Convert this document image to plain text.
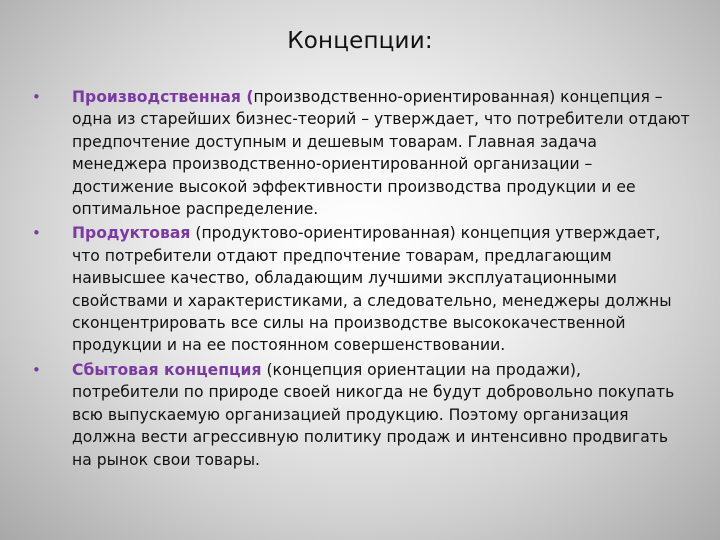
Концепции:
• Производственная (производственно-ориентированная) концепция – одна из старейших бизнес-теорий – утверждает, что потребители отдают предпочтение доступным и дешевым товарам. Главная задача менеджера производственно-ориентированной организации – достижение высокой эффективности производства продукции и ее оптимальное распределение.
• Продуктовая (продуктово-ориентированная) концепция утверждает, что потребители отдают предпочтение товарам, предлагающим наивысшее качество, обладающим лучшими эксплуатационными свойствами и характеристиками, а следовательно, менеджеры должны сконцентрировать все силы на производстве высококачественной продукции и на ее постоянном совершенствовании.
• Сбытовая концепция (концепция ориентации на продажи), потребители по природе своей никогда не будут добровольно покупать всю выпускаемую организацией продукцию. Поэтому организация должна вести агрессивную политику продаж и интенсивно продвигать на рынок свои товары.
